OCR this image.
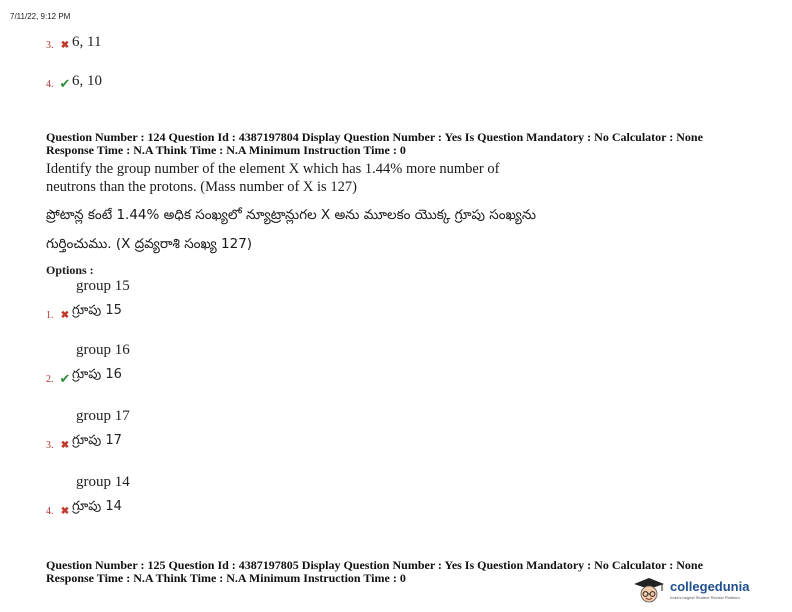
7/11/22, 9:12 PM
3. ✖ 6, 11
4. ✔ 6, 10
Question Number : 124 Question Id : 4387197804 Display Question Number : Yes Is Question Mandatory : No Calculator : None
Response Time : N.A Think Time : N.A Minimum Instruction Time : 0
Identify the group number of the element X which has 1.44% more number of
neutrons than the protons. (Mass number of X is 127)
ప్రోటాన్ల కంటే 1.44% అధిక సంఖ్యలో న్యూట్రాన్లుగల X అను మూలకం యొక్క గ్రూపు సంఖ్యను
గుర్తించుము. (X ద్రవ్యరాశి సంఖ్య 127)
Options :
group 15
1. ✖ గ్రూపు 15
group 16
2. ✔ గ్రూపు 16
group 17
3. ✖ గ్రూపు 17
group 14
4. ✖ గ్రూపు 14
Question Number : 125 Question Id : 4387197805 Display Question Number : Yes Is Question Mandatory : No Calculator : None
Response Time : N.A Think Time : N.A Minimum Instruction Time : 0
collegedunia
India's largest Student Review Platform
